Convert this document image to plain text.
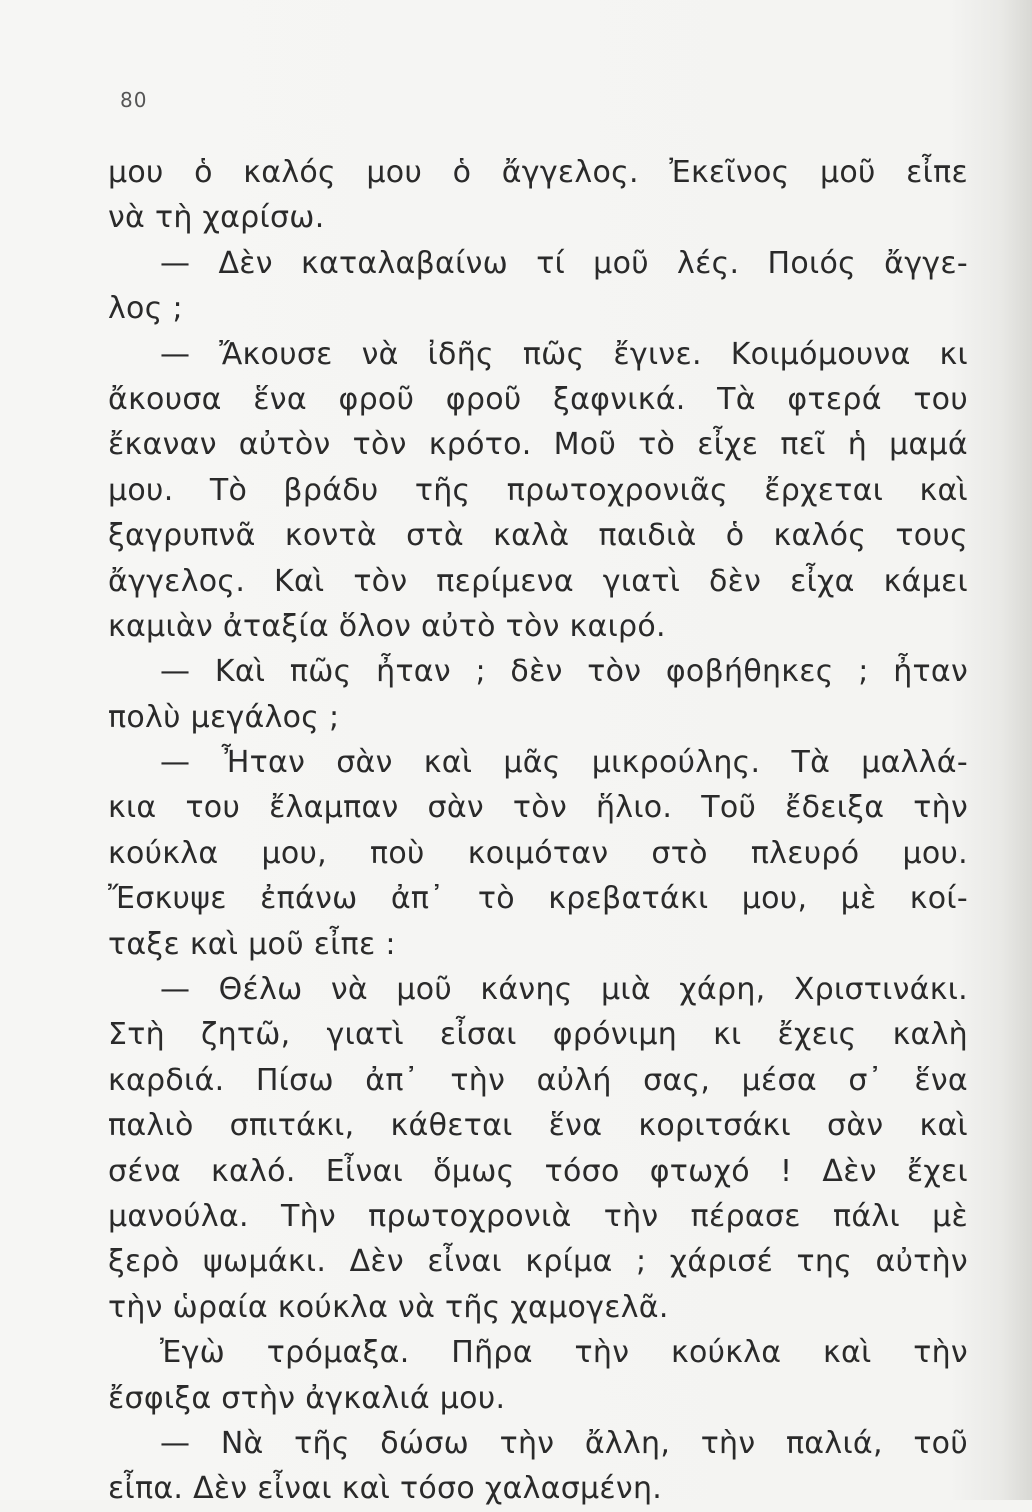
80
μου ὁ καλός μου ὁ ἄγγελος. Ἐκεῖνος μοῦ εἶπε
νὰ τὴ χαρίσω.
— Δὲν καταλαβαίνω τί μοῦ λές. Ποιός ἄγγε-
λος ;
— Ἄκουσε νὰ ἰδῆς πῶς ἔγινε. Κοιμόμουνα κι
ἄκουσα ἕνα φροῦ φροῦ ξαφνικά. Τὰ φτερά του
ἔκαναν αὐτὸν τὸν κρότο. Μοῦ τὸ εἶχε πεῖ ἡ μαμά
μου. Τὸ βράδυ τῆς πρωτοχρονιᾶς ἔρχεται καὶ
ξαγρυπνᾶ κοντὰ στὰ καλὰ παιδιὰ ὁ καλός τους
ἄγγελος. Καὶ τὸν περίμενα γιατὶ δὲν εἶχα κάμει
καμιὰν ἀταξία ὅλον αὐτὸ τὸν καιρό.
— Καὶ πῶς ἦταν ; δὲν τὸν φοβήθηκες ; ἦταν
πολὺ μεγάλος ;
— Ἦταν σὰν καὶ μᾶς μικρούλης. Τὰ μαλλά-
κια του ἔλαμπαν σὰν τὸν ἥλιο. Τοῦ ἔδειξα τὴν
κούκλα μου, ποὺ κοιμόταν στὸ πλευρό μου.
Ἔσκυψε ἐπάνω ἀπ᾽ τὸ κρεβατάκι μου, μὲ κοί-
ταξε καὶ μοῦ εἶπε :
— Θέλω νὰ μοῦ κάνης μιὰ χάρη, Χριστινάκι.
Στὴ ζητῶ, γιατὶ εἶσαι φρόνιμη κι ἔχεις καλὴ
καρδιά. Πίσω ἀπ᾽ τὴν αὐλή σας, μέσα σ᾽ ἕνα
παλιὸ σπιτάκι, κάθεται ἕνα κοριτσάκι σὰν καὶ
σένα καλό. Εἶναι ὅμως τόσο φτωχό ! Δὲν ἔχει
μανούλα. Τὴν πρωτοχρονιὰ τὴν πέρασε πάλι μὲ
ξερὸ ψωμάκι. Δὲν εἶναι κρίμα ; χάρισέ της αὐτὴν
τὴν ὡραία κούκλα νὰ τῆς χαμογελᾶ.
Ἐγὼ τρόμαξα. Πῆρα τὴν κούκλα καὶ τὴν
ἔσφιξα στὴν ἀγκαλιά μου.
— Νὰ τῆς δώσω τὴν ἄλλη, τὴν παλιά, τοῦ
εἶπα. Δὲν εἶναι καὶ τόσο χαλασμένη.
